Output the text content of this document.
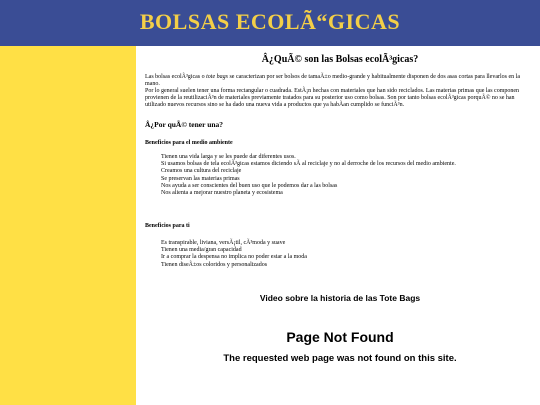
BOLSAS ECOLÃ“GICAS
Â¿QuÃ© son las Bolsas ecolÃ³gicas?
Las bolsas ecolÃ³gicas o tote bags se caracterizan por ser bolsos de tamaÃ±o medio-grande y habitualmente disponen de dos asas cortas para llevarlos en la mano.
Por lo general suelen tener una forma rectangular o cuadrada. EstÃ¡n hechas con materiales que han sido reciclados. Las materias primas que las componen provienen de la reutilizaciÃ³n de materiales previamente tratados para su posterior uso como bolsas. Son por tanto bolsas ecolÃ³gicas porquÃ© no se han utilizado nuevos recursos sino se ha dado una nueva vida a productos que ya habÃan cumplido se funciÃ³n.
Â¿Por quÃ© tener una?
Beneficios para el medio ambiente
Tienen una vida larga y se les puede dar diferentes usos.
Si usamos bolsas de tela ecolÃ³gicas estamos diciendo sÃ al reciclaje y no al derroche de los recursos del medio ambiente.
Creamos una cultura del reciclaje
Se preservan las materias primas
Nos ayuda a ser conscientes del buen uso que le podemos dar a las bolsas
Nos alienta a mejorar nuestro planeta y ecosistema
Beneficios para ti
Es transpirable, liviana, versÃ¡til, cÃ³moda y suave
Tienen una media/gran capacidad
Ir a comprar la despensa no implica no poder estar a la moda
Tienen diseÃ±os coloridos y personalizados
Video sobre la historia de las Tote Bags
Page Not Found
The requested web page was not found on this site.
